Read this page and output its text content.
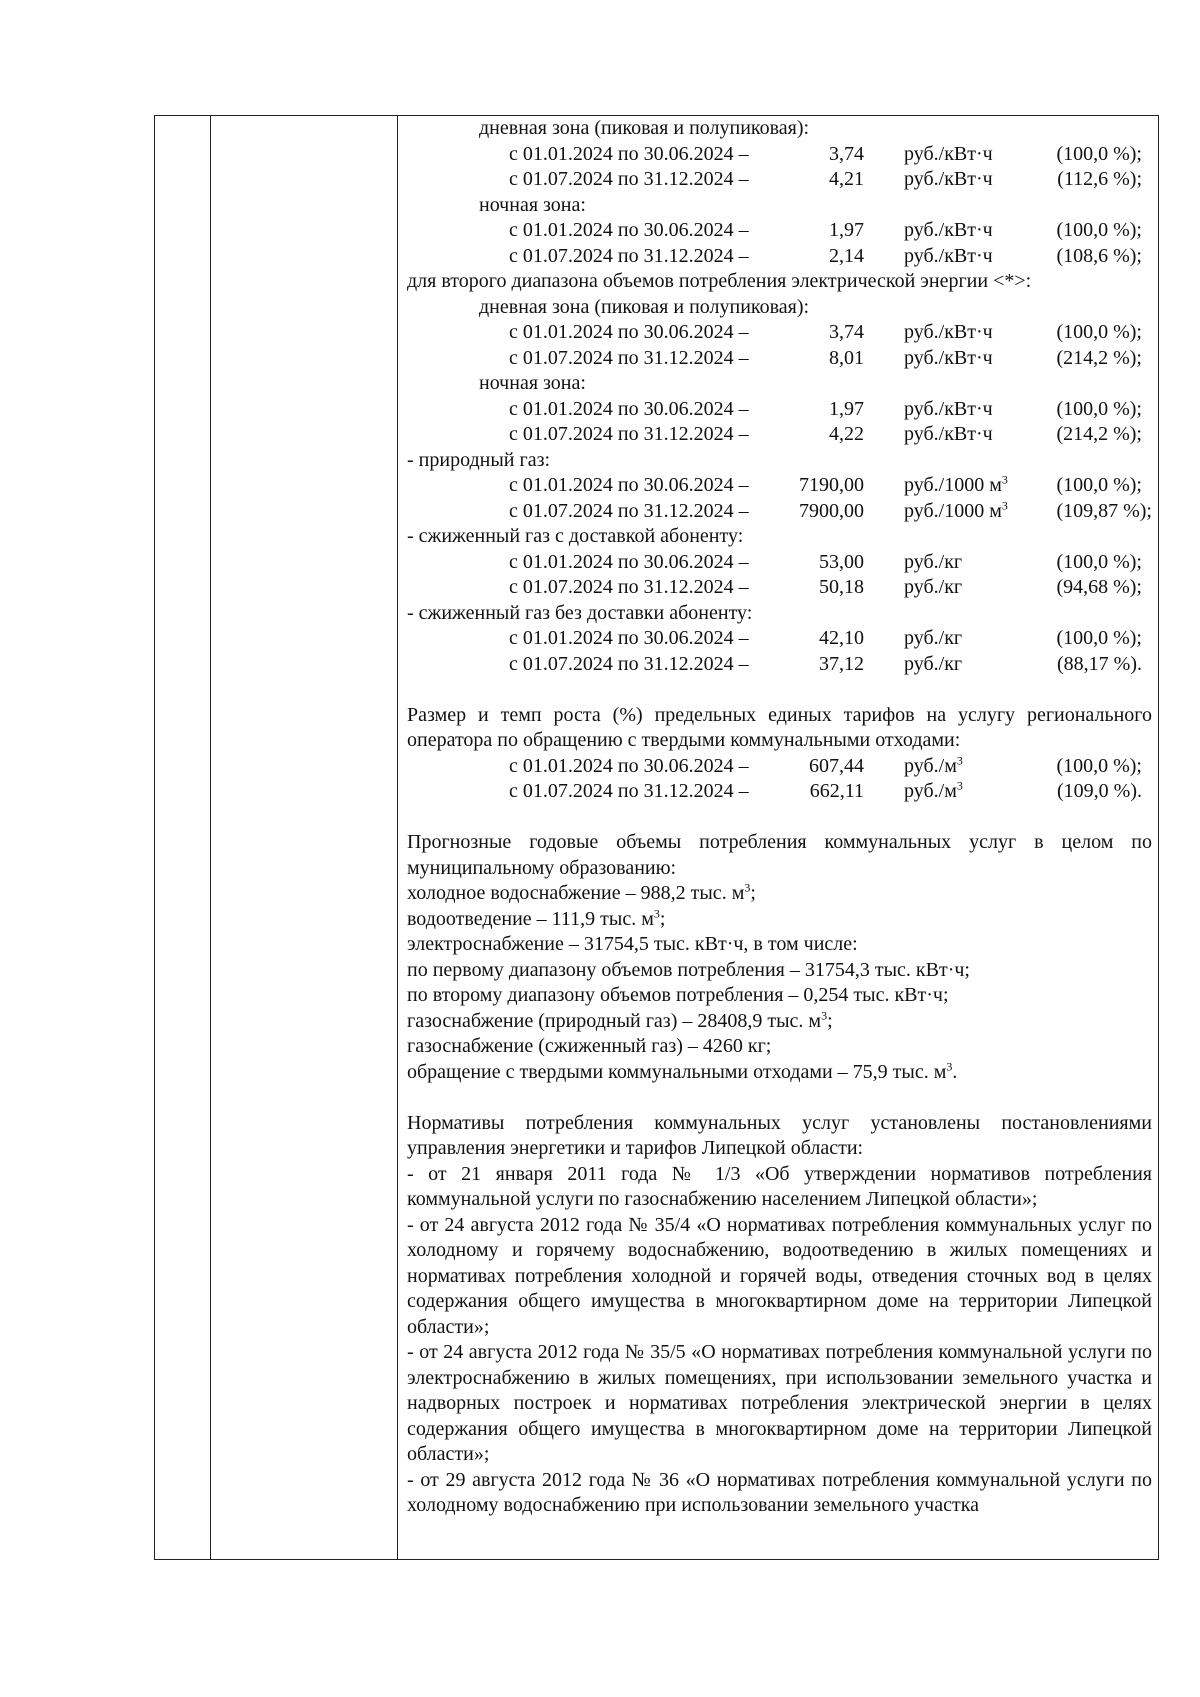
дневная зона (пиковая и полупиковая):
с 01.01.2024 по 30.06.2024 –	3,74 руб./кВт·ч	(100,0 %);
с 01.07.2024 по 31.12.2024 –	4,21 руб./кВт·ч	(112,6 %);
ночная зона:
с 01.01.2024 по 30.06.2024 –	1,97 руб./кВт·ч	(100,0 %);
с 01.07.2024 по 31.12.2024 –	2,14 руб./кВт·ч	(108,6 %);
для второго диапазона объемов потребления электрической энергии <*>:
дневная зона (пиковая и полупиковая):
с 01.01.2024 по 30.06.2024 –	3,74 руб./кВт·ч	(100,0 %);
с 01.07.2024 по 31.12.2024 –	8,01 руб./кВт·ч	(214,2 %);
ночная зона:
с 01.01.2024 по 30.06.2024 –	1,97 руб./кВт·ч	(100,0 %);
с 01.07.2024 по 31.12.2024 –	4,22 руб./кВт·ч	(214,2 %);
- природный газ:
с 01.01.2024 по 30.06.2024 –	7190,00 руб./1000 $м^3$ (100,0 %);
с 01.07.2024 по 31.12.2024 –	7900,00 руб./1000 $м^3$ (109,87 %);
- сжиженный газ с доставкой абоненту:
с 01.01.2024 по 30.06.2024 –	53,00 руб./кг	(100,0 %);
с 01.07.2024 по 31.12.2024 –	50,18 руб./кг	(94,68 %);
- сжиженный газ без доставки абоненту:
с 01.01.2024 по 30.06.2024 –	42,10 руб./кг	(100,0 %);
с 01.07.2024 по 31.12.2024 –	37,12 руб./кг	(88,17 %).
Размер и темп роста (%) предельных единых тарифов на услугу регионального оператора по обращению с твердыми коммунальными отходами:
с 01.01.2024 по 30.06.2024 –	607,44 $руб./м^3$	(100,0 %);
с 01.07.2024 по 31.12.2024 –	662,11 $руб./м^3$	(109,0 %).
Прогнозные годовые объемы потребления коммунальных услуг в целом по муниципальному образованию:
холодное водоснабжение – 988,2 тыс. $м^3$;
водоотведение – 111,9 тыс. $м^3$;
электроснабжение – 31754,5 тыс. кВт·ч, в том числе:
по первому диапазону объемов потребления – 31754,3 тыс. кВт·ч;
по второму диапазону объемов потребления – 0,254 тыс. кВт·ч;
газоснабжение (природный газ) – 28408,9 тыс. $м^3$;
газоснабжение (сжиженный газ) – 4260 кг;
обращение с твердыми коммунальными отходами – 75,9 тыс. $м^3$.
Нормативы потребления коммунальных услуг установлены постановлениями управления энергетики и тарифов Липецкой области:
- от 21 января 2011 года № 1/3 «Об утверждении нормативов потребления коммунальной услуги по газоснабжению населением Липецкой области»;
- от 24 августа 2012 года № 35/4 «О нормативах потребления коммунальных услуг по холодному и горячему водоснабжению, водоотведению в жилых помещениях и нормативах потребления холодной и горячей воды, отведения сточных вод в целях содержания общего имущества в многоквартирном доме на территории Липецкой области»;
- от 24 августа 2012 года № 35/5 «О нормативах потребления коммунальной услуги по электроснабжению в жилых помещениях, при использовании земельного участка и надворных построек и нормативах потребления электрической энергии в целях содержания общего имущества в многоквартирном доме на территории Липецкой области»;
- от 29 августа 2012 года № 36 «О нормативах потребления коммунальной услуги по холодному водоснабжению при использовании земельного участка
